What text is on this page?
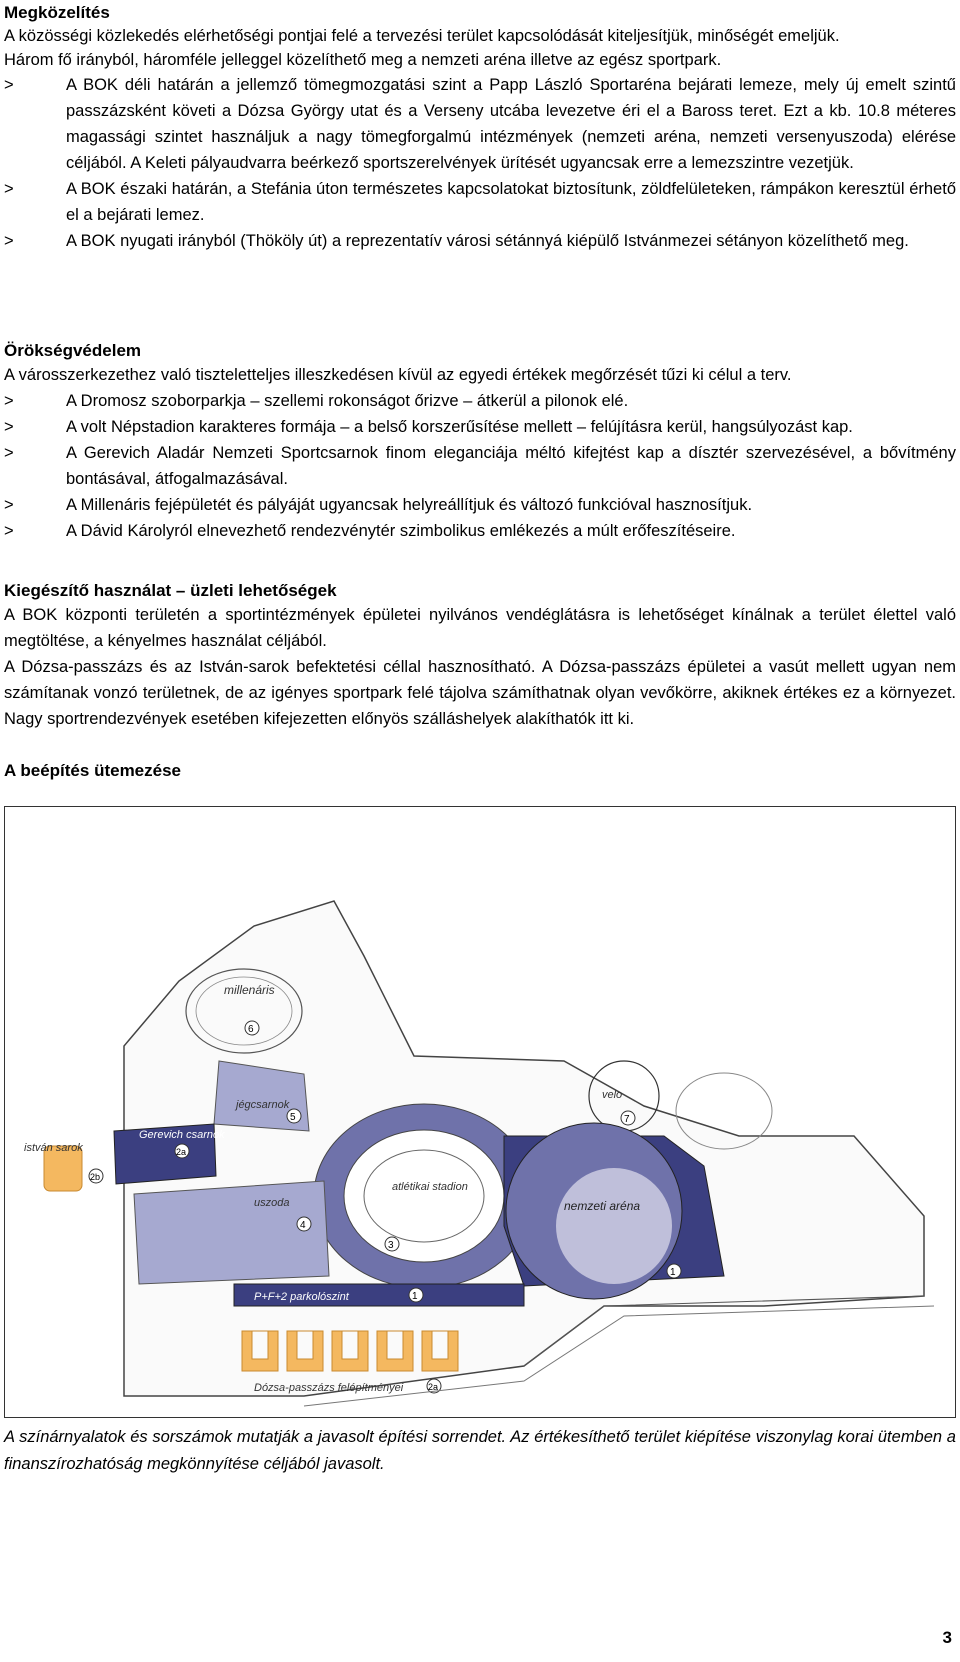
Megközelítés

A közösségi közlekedés elérhetőségi pontjai felé a tervezési terület kapcsolódását kiteljesítjük, minőségét emeljük.

Három fő irányból, háromféle jelleggel közelíthető meg a nemzeti aréna illetve az egész sportpark.

>	A BOK déli határán a jellemző tömegmozgatási szint a Papp László Sportaréna bejárati lemeze, mely új emelt szintű passzázsként követi a Dózsa György utat és a Verseny utcába levezetve éri el a Baross teret. Ezt a kb. 10.8 méteres magassági szintet használjuk a nagy tömegforgalmú intézmények (nemzeti aréna, nemzeti versenyuszoda) elérése céljából. A Keleti pályaudvarra beérkező sportszerelvények ürítését ugyancsak erre a lemezszintre vezetjük.
>	A BOK északi határán, a Stefánia úton természetes kapcsolatokat biztosítunk, zöldfelületeken, rámpákon keresztül érhető el a bejárati lemez.
>	A BOK nyugati irányból (Thököly út) a reprezentatív városi sétánnyá kiépülő Istvánmezei sétányon közelíthető meg.
Örökségvédelem

A városszerkezethez való tiszteletteljes illeszkedésen kívül az egyedi értékek megőrzését tűzi ki célul a terv.

>	A Dromosz szoborparkja – szellemi rokonságot őrizve – átkerül a pilonok elé.
>	A volt Népstadion karakteres formája – a belső korszerűsítése mellett – felújításra kerül, hangsúlyozást kap.
>	A Gerevich Aladár Nemzeti Sportcsarnok finom eleganciája méltó kifejtést kap a dísztér szervezésével, a bővítmény bontásával, átfogalmazásával.
>	A Millenáris fejépületét és pályáját ugyancsak helyreállítjuk és változó funkcióval hasznosítjuk.
>	A Dávid Károlyról elnevezhető rendezvénytér szimbolikus emlékezés a múlt erőfeszítéseire.
Kiegészítő használat – üzleti lehetőségek

A BOK központi területén a sportintézmények épületei nyilvános vendéglátásra is lehetőséget kínálnak a terület élettel való megtöltése, a kényelmes használat céljából.

A Dózsa-passzázs és az István-sarok befektetési céllal hasznosítható. A Dózsa-passzázs épületei a vasút mellett ugyan nem számítanak vonzó területnek, de az igényes sportpark felé tájolva számíthatnak olyan vevőkörre, akiknek értékes ez a környezet. Nagy sportrendezvények esetében kifejezetten előnyös szálláshelyek alakíthatók itt ki.

A beépítés ütemezése
millenáris
6
jégcsarnok
5
atlétikai stadion
3
velo
7
istván sarok
2b
Gerevich csarnok
2a
uszoda
4
nemzeti aréna
1
P+F+2 parkolószint	1
Dózsa-passzázs felépítményei	2a
A színárnyalatok és sorszámok mutatják a javasolt építési sorrendet. Az értékesíthető terület kiépítése viszonylag korai ütemben a finanszírozhatóság megkönnyítése céljából javasolt.
3
